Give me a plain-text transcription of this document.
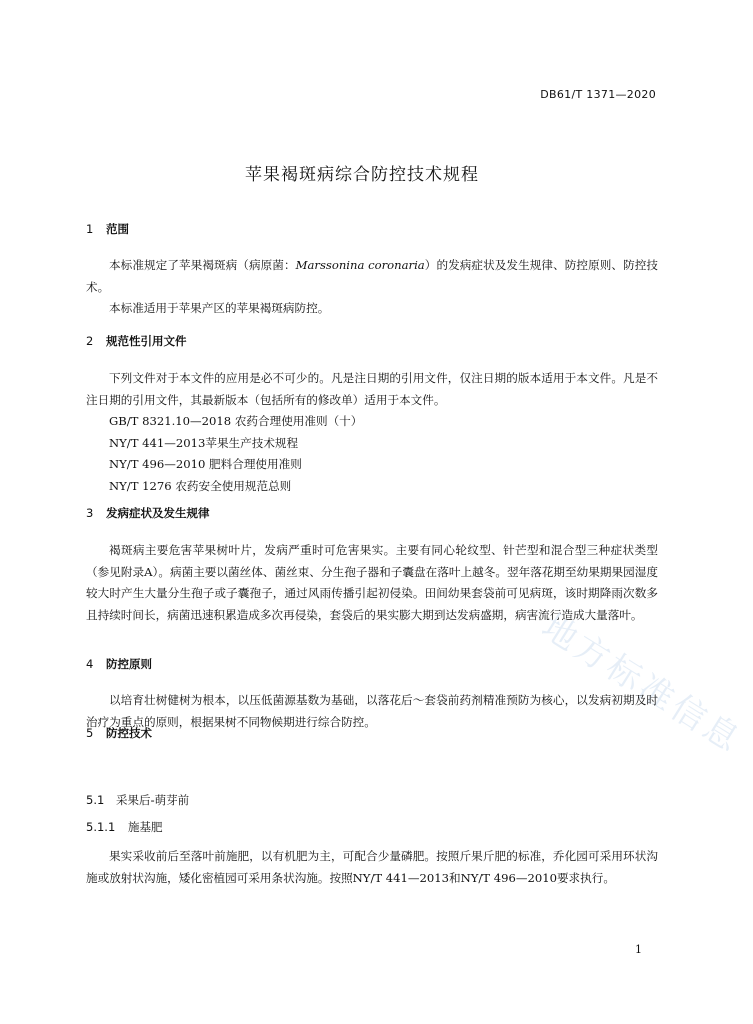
DB61/T 1371—2020
苹果褐斑病综合防控技术规程
1 范围

本标准规定了苹果褐斑病（病原菌：Marssonina coronaria）的发病症状及发生规律、防控原则、防控技术。

本标准适用于苹果产区的苹果褐斑病防控。

2 规范性引用文件

下列文件对于本文件的应用是必不可少的。凡是注日期的引用文件，仅注日期的版本适用于本文件。凡是不注日期的引用文件，其最新版本（包括所有的修改单）适用于本文件。

GB/T 8321.10—2018 农药合理使用准则（十）
NY/T 441—2013苹果生产技术规程
NY/T 496—2010 肥料合理使用准则
NY/T 1276 农药安全使用规范总则
3 发病症状及发生规律

褐斑病主要危害苹果树叶片，发病严重时可危害果实。主要有同心轮纹型、针芒型和混合型三种症状类型（参见附录A）。病菌主要以菌丝体、菌丝束、分生孢子器和子囊盘在落叶上越冬。翌年落花期至幼果期果园湿度较大时产生大量分生孢子或子囊孢子，通过风雨传播引起初侵染。田间幼果套袋前可见病斑，该时期降雨次数多且持续时间长，病菌迅速积累造成多次再侵染，套袋后的果实膨大期到达发病盛期，病害流行造成大量落叶。

地方标准信息
4 防控原则

以培育壮树健树为根本，以压低菌源基数为基础，以落花后～套袋前药剂精准预防为核心，以发病初期及时治疗为重点的原则，根据果树不同物候期进行综合防控。

5 防控技术
5.1 采果后-萌芽前
5.1.1 施基肥

果实采收前后至落叶前施肥，以有机肥为主，可配合少量磷肥。按照斤果斤肥的标准，乔化园可采用环状沟施或放射状沟施，矮化密植园可采用条状沟施。按照NY/T 441—2013和NY/T 496—2010要求执行。

1
